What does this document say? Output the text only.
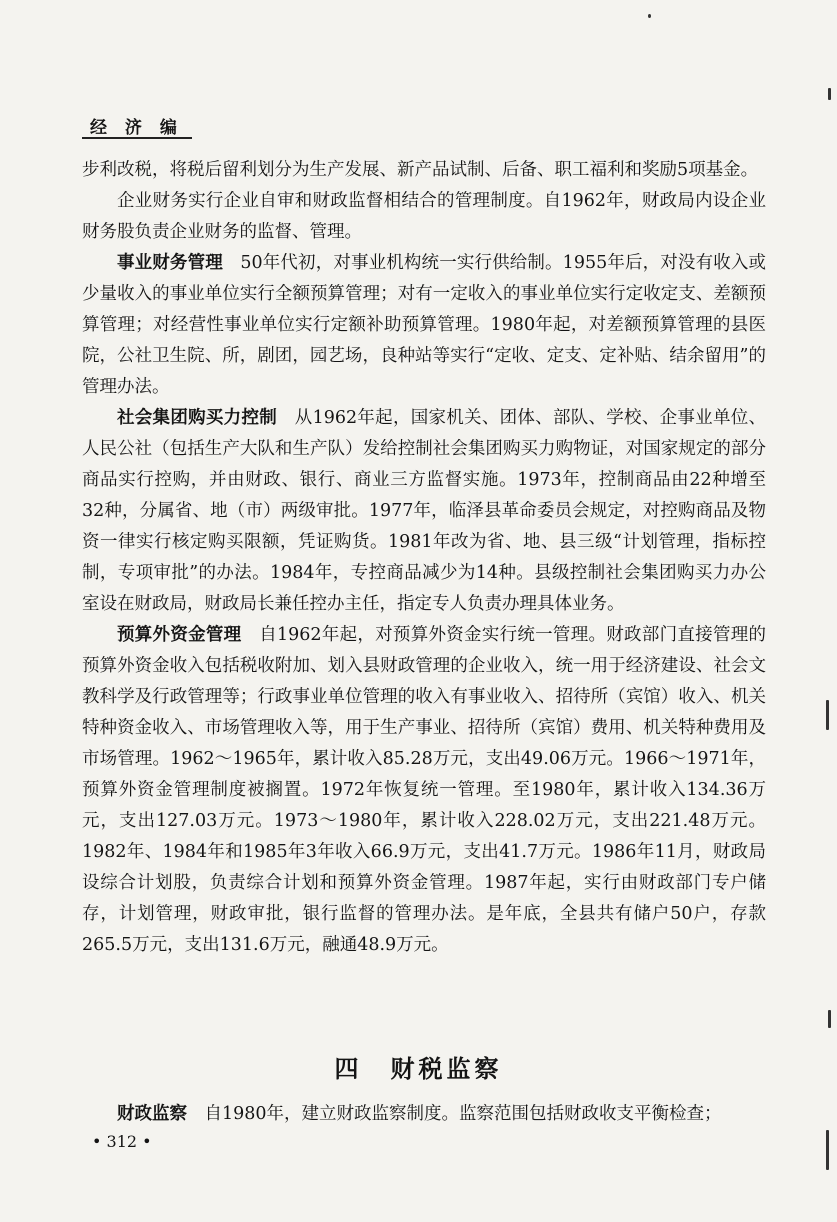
经 济 编

步利改税，将税后留利划分为生产发展、新产品试制、后备、职工福利和奖励5项基金。

企业财务实行企业自审和财政监督相结合的管理制度。自1962年，财政局内设企业财务股负责企业财务的监督、管理。

事业财务管理 50年代初，对事业机构统一实行供给制。1955年后，对没有收入或少量收入的事业单位实行全额预算管理；对有一定收入的事业单位实行定收定支、差额预算管理；对经营性事业单位实行定额补助预算管理。1980年起，对差额预算管理的县医院，公社卫生院、所，剧团，园艺场，良种站等实行“定收、定支、定补贴、结余留用”的管理办法。

社会集团购买力控制 从1962年起，国家机关、团体、部队、学校、企事业单位、人民公社（包括生产大队和生产队）发给控制社会集团购买力购物证，对国家规定的部分商品实行控购，并由财政、银行、商业三方监督实施。1973年，控制商品由22种增至32种，分属省、地（市）两级审批。1977年，临泽县革命委员会规定，对控购商品及物资一律实行核定购买限额，凭证购货。1981年改为省、地、县三级“计划管理，指标控制，专项审批”的办法。1984年，专控商品减少为14种。县级控制社会集团购买力办公室设在财政局，财政局长兼任控办主任，指定专人负责办理具体业务。

预算外资金管理 自1962年起，对预算外资金实行统一管理。财政部门直接管理的预算外资金收入包括税收附加、划入县财政管理的企业收入，统一用于经济建设、社会文教科学及行政管理等；行政事业单位管理的收入有事业收入、招待所（宾馆）收入、机关特种资金收入、市场管理收入等，用于生产事业、招待所（宾馆）费用、机关特种费用及市场管理。1962～1965年，累计收入85.28万元，支出49.06万元。1966～1971年，预算外资金管理制度被搁置。1972年恢复统一管理。至1980年，累计收入134.36万元，支出127.03万元。1973～1980年，累计收入228.02万元，支出221.48万元。1982年、1984年和1985年3年收入66.9万元，支出41.7万元。1986年11月，财政局设综合计划股，负责综合计划和预算外资金管理。1987年起，实行由财政部门专户储存，计划管理，财政审批，银行监督的管理办法。是年底，全县共有储户50户，存款265.5万元，支出131.6万元，融通48.9万元。

四　财税监察
财政监察 自1980年，建立财政监察制度。监察范围包括财政收支平衡检查；
• 312 •
